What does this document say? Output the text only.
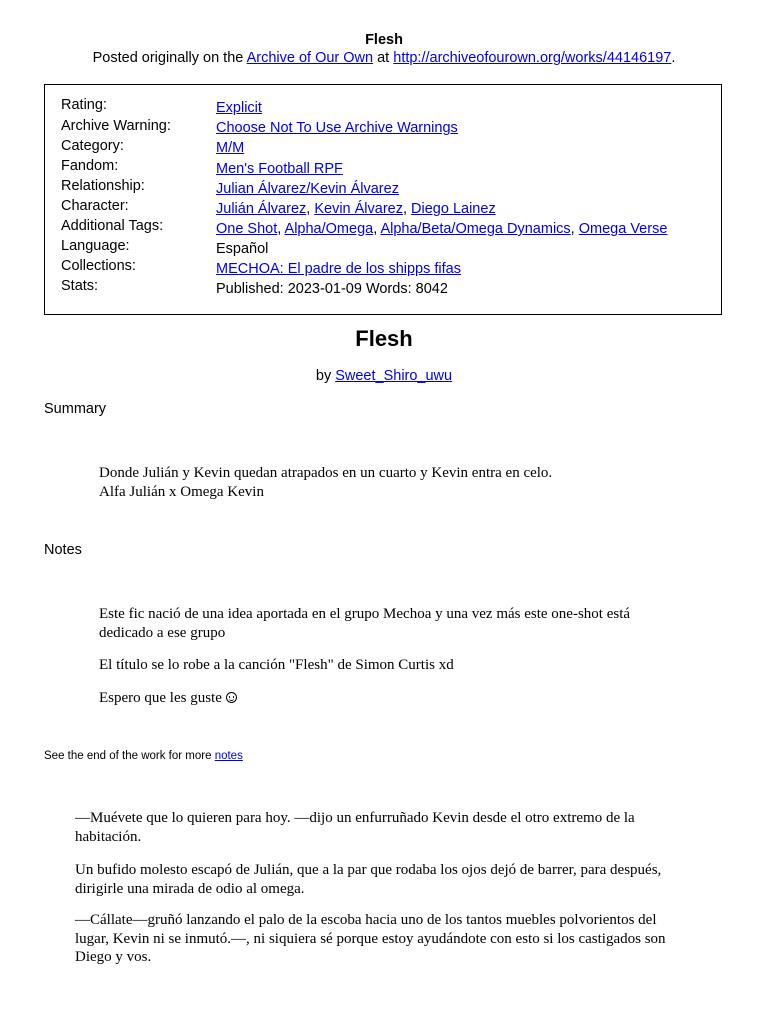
Flesh
Posted originally on the Archive of Our Own at http://archiveofourown.org/works/44146197.
Rating:	Explicit
Archive Warning:	Choose Not To Use Archive Warnings
Category:	M/M
Fandom:	Men's Football RPF
Relationship:	Julian Álvarez/Kevin Álvarez
Character:	Julián Álvarez, Kevin Álvarez, Diego Lainez
Additional Tags:	One Shot, Alpha/Omega, Alpha/Beta/Omega Dynamics, Omega Verse
Language:	Español
Collections:	MECHOA: El padre de los shipps fifas
Stats:	Published: 2023-01-09 Words: 8042
Flesh
by Sweet_Shiro_uwu
Summary
Donde Julián y Kevin quedan atrapados en un cuarto y Kevin entra en celo.
Alfa Julián x Omega Kevin
Notes
Este fic nació de una idea aportada en el grupo Mechoa y una vez más este one-shot está
dedicado a ese grupo
El título se lo robe a la canción "Flesh" de Simon Curtis xd
Espero que les guste
See the end of the work for more notes
—Muévete que lo quieren para hoy. —dijo un enfurruñado Kevin desde el otro extremo de la
habitación.
Un bufido molesto escapó de Julián, que a la par que rodaba los ojos dejó de barrer, para después,
dirigirle una mirada de odio al omega.
—Cállate—gruñó lanzando el palo de la escoba hacia uno de los tantos muebles polvorientos del
lugar, Kevin ni se inmutó.—, ni siquiera sé porque estoy ayudándote con esto si los castigados son
Diego y vos.
